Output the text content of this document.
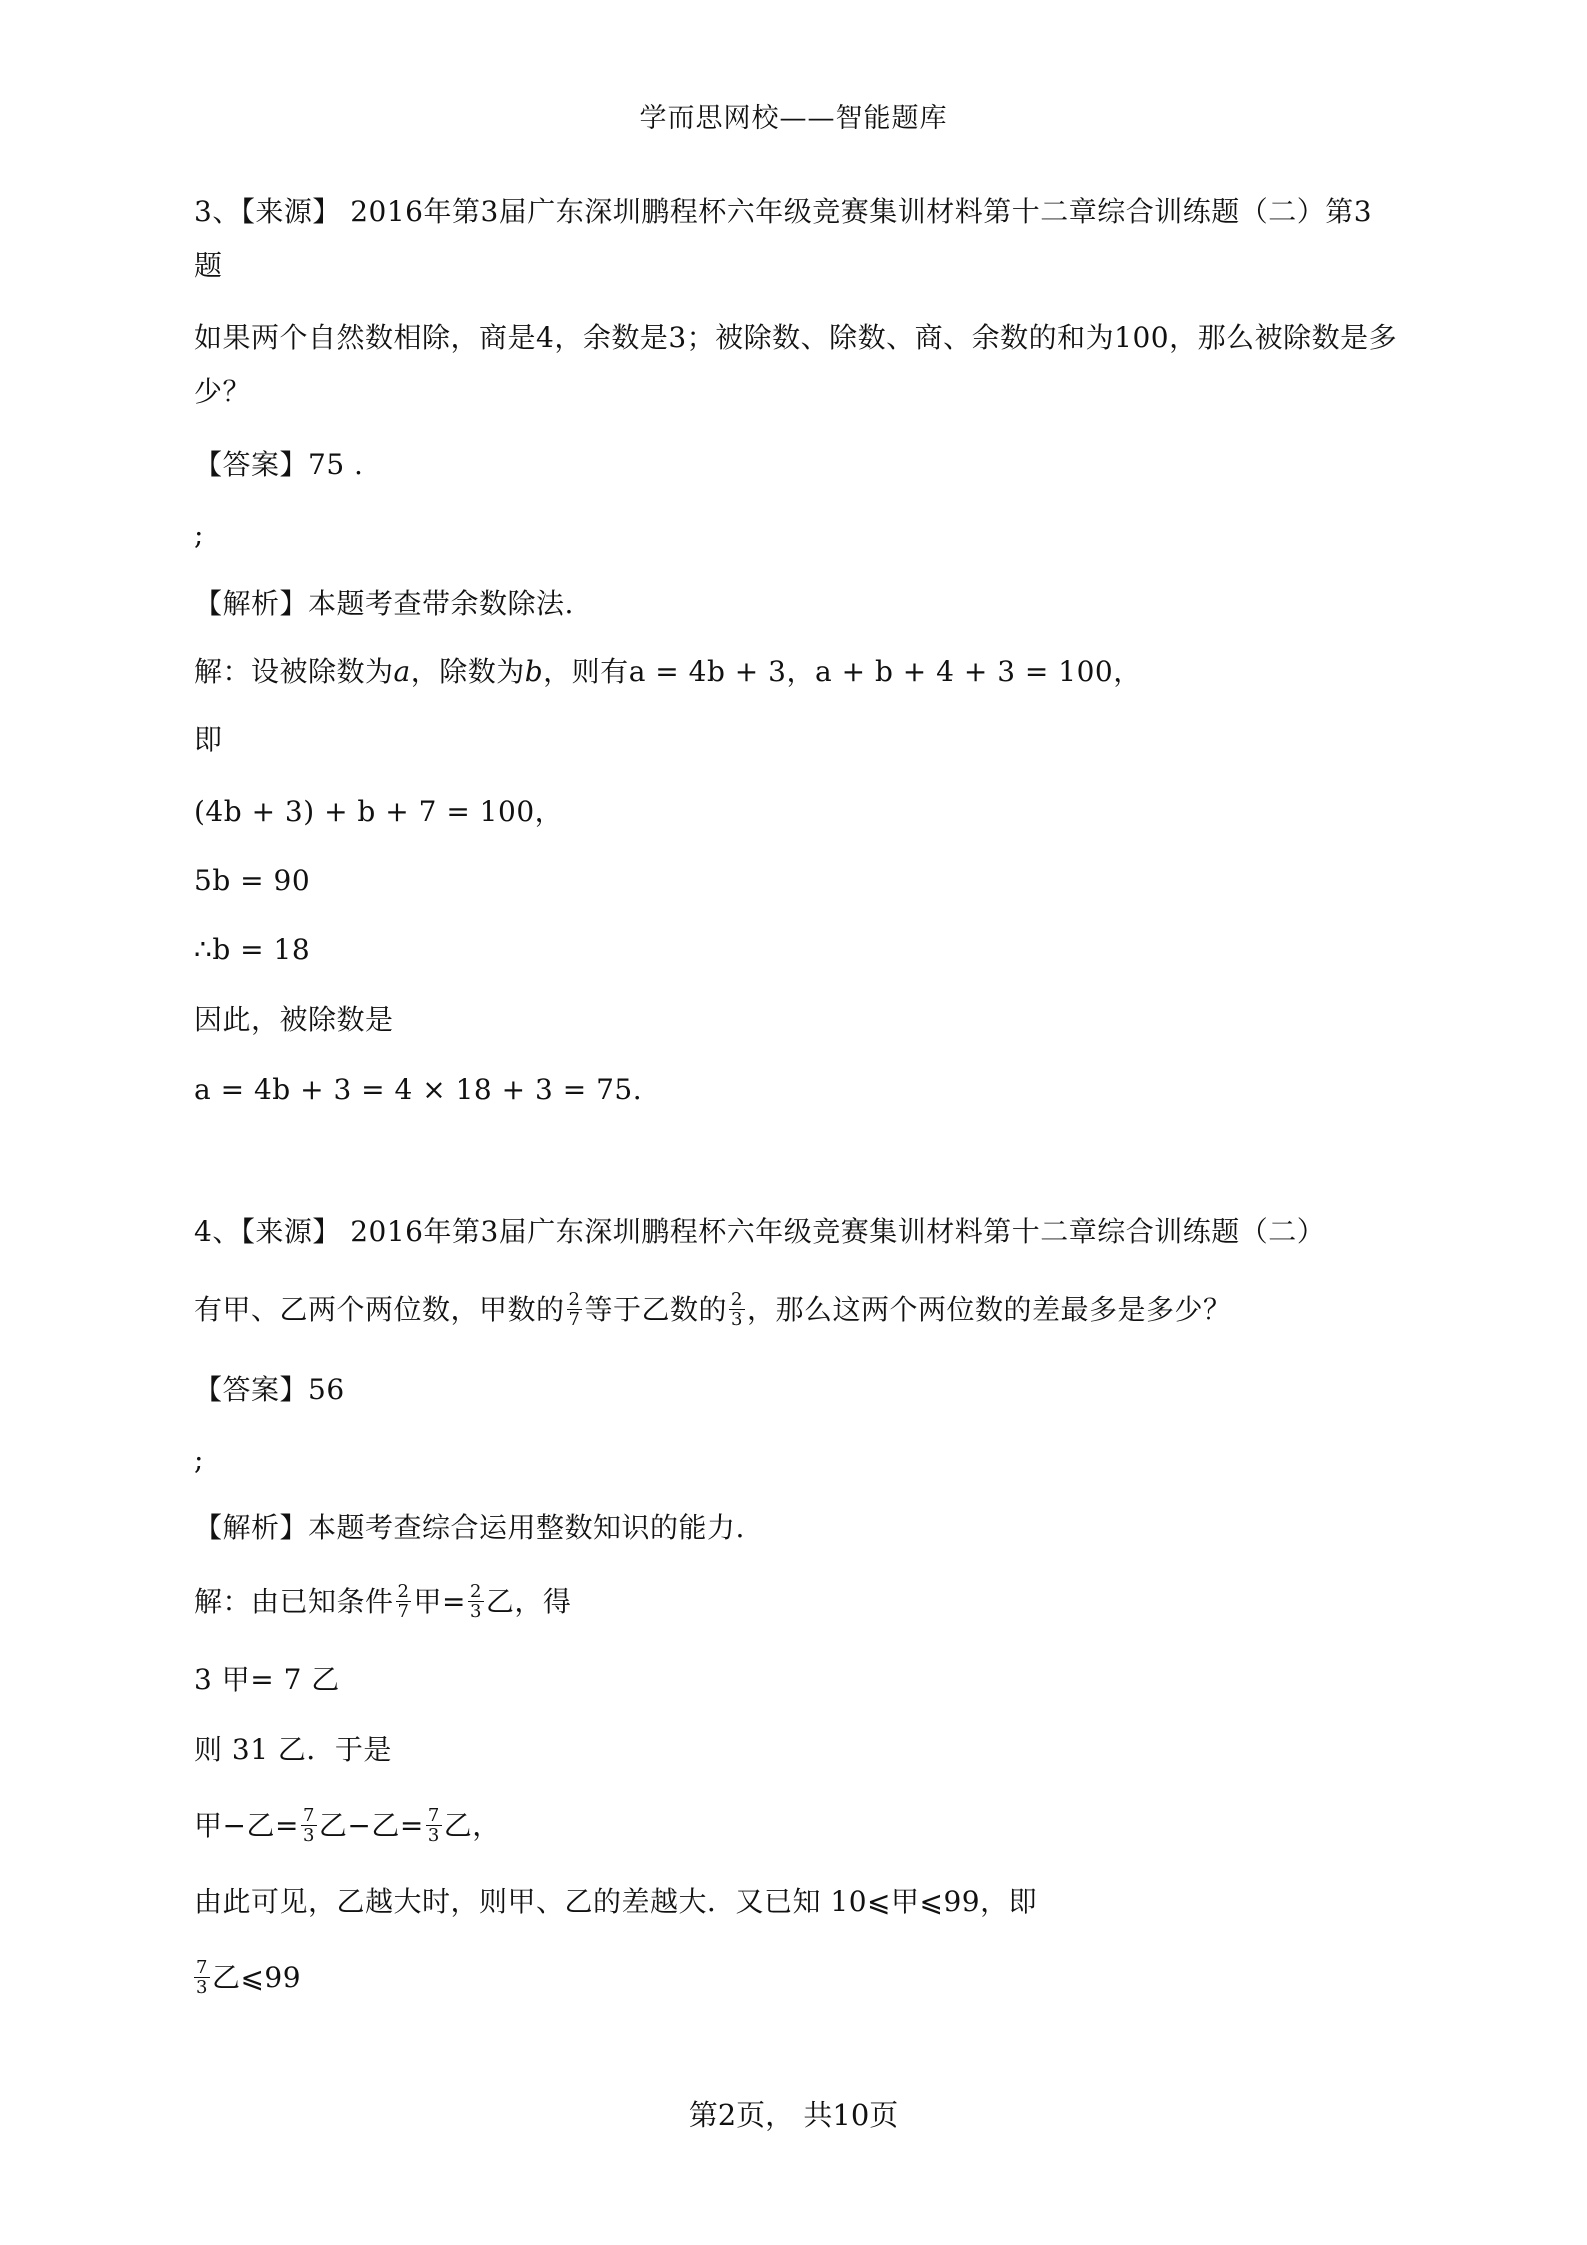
学而思网校——智能题库
3、【来源】 2016年第3届广东深圳鹏程杯六年级竞赛集训材料第十二章综合训练题（二）第3
题
如果两个自然数相除，商是4，余数是3；被除数、除数、商、余数的和为100，那么被除数是多
少？
【答案】75 .
;
【解析】本题考查带余数除法.
解：设被除数为a，除数为b，则有a = 4b + 3，a + b + 4 + 3 = 100，
即
(4b + 3) + b + 7 = 100，
5b = 90
∴b = 18
因此，被除数是
a = 4b + 3 = 4 × 18 + 3 = 75.
4、【来源】 2016年第3届广东深圳鹏程杯六年级竞赛集训材料第十二章综合训练题（二）
有甲、乙两个两位数，甲数的 $\frac{2}{7}$ 等于乙数的 $\frac{2}{3}$ ，那么这两个两位数的差最多是多少？
【答案】56
;
【解析】本题考查综合运用整数知识的能力.
解：由已知条件 $\frac{2}{7}$ 甲= $\frac{2}{3}$ 乙，得
3 甲= 7 乙
则 31 乙．于是
甲−乙= $\frac{7}{3}$ 乙−乙= $\frac{7}{3}$ 乙，
由此可见，乙越大时，则甲、乙的差越大．又已知 10⩽甲⩽99，即
$\frac{7}{3}$ 乙⩽99
第2页， 共10页
